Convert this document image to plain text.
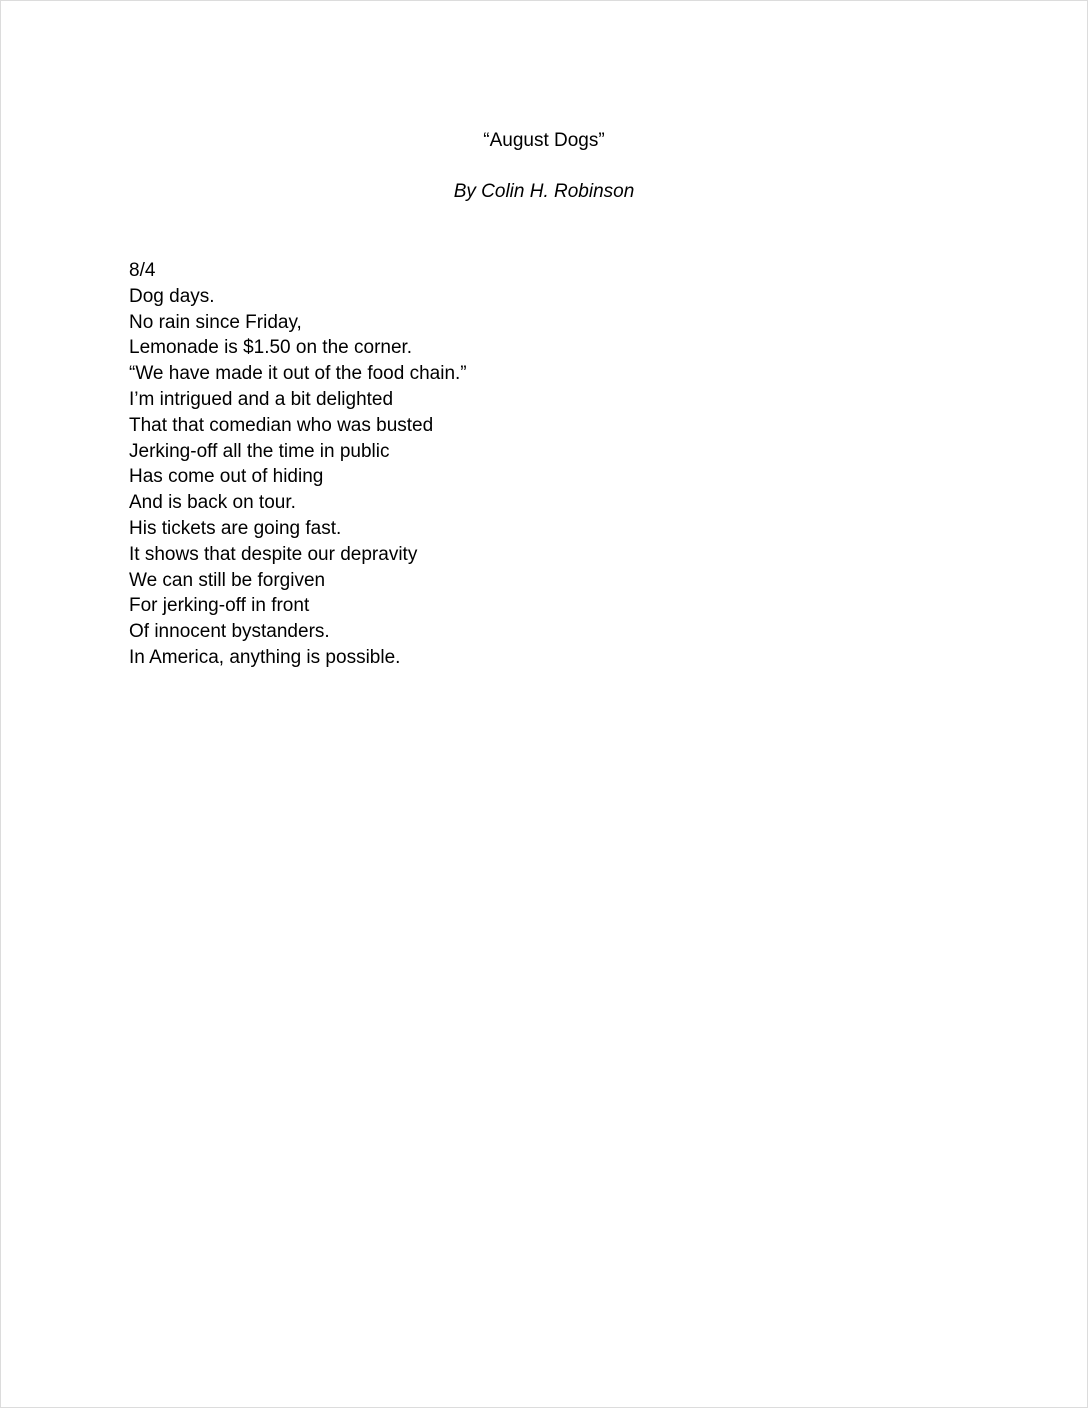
“August Dogs”
By Colin H. Robinson
8/4
Dog days.
No rain since Friday,
Lemonade is $1.50 on the corner.
“We have made it out of the food chain.”
I’m intrigued and a bit delighted
That that comedian who was busted
Jerking-off all the time in public
Has come out of hiding
And is back on tour.
His tickets are going fast.
It shows that despite our depravity
We can still be forgiven
For jerking-off in front
Of innocent bystanders.
In America, anything is possible.
